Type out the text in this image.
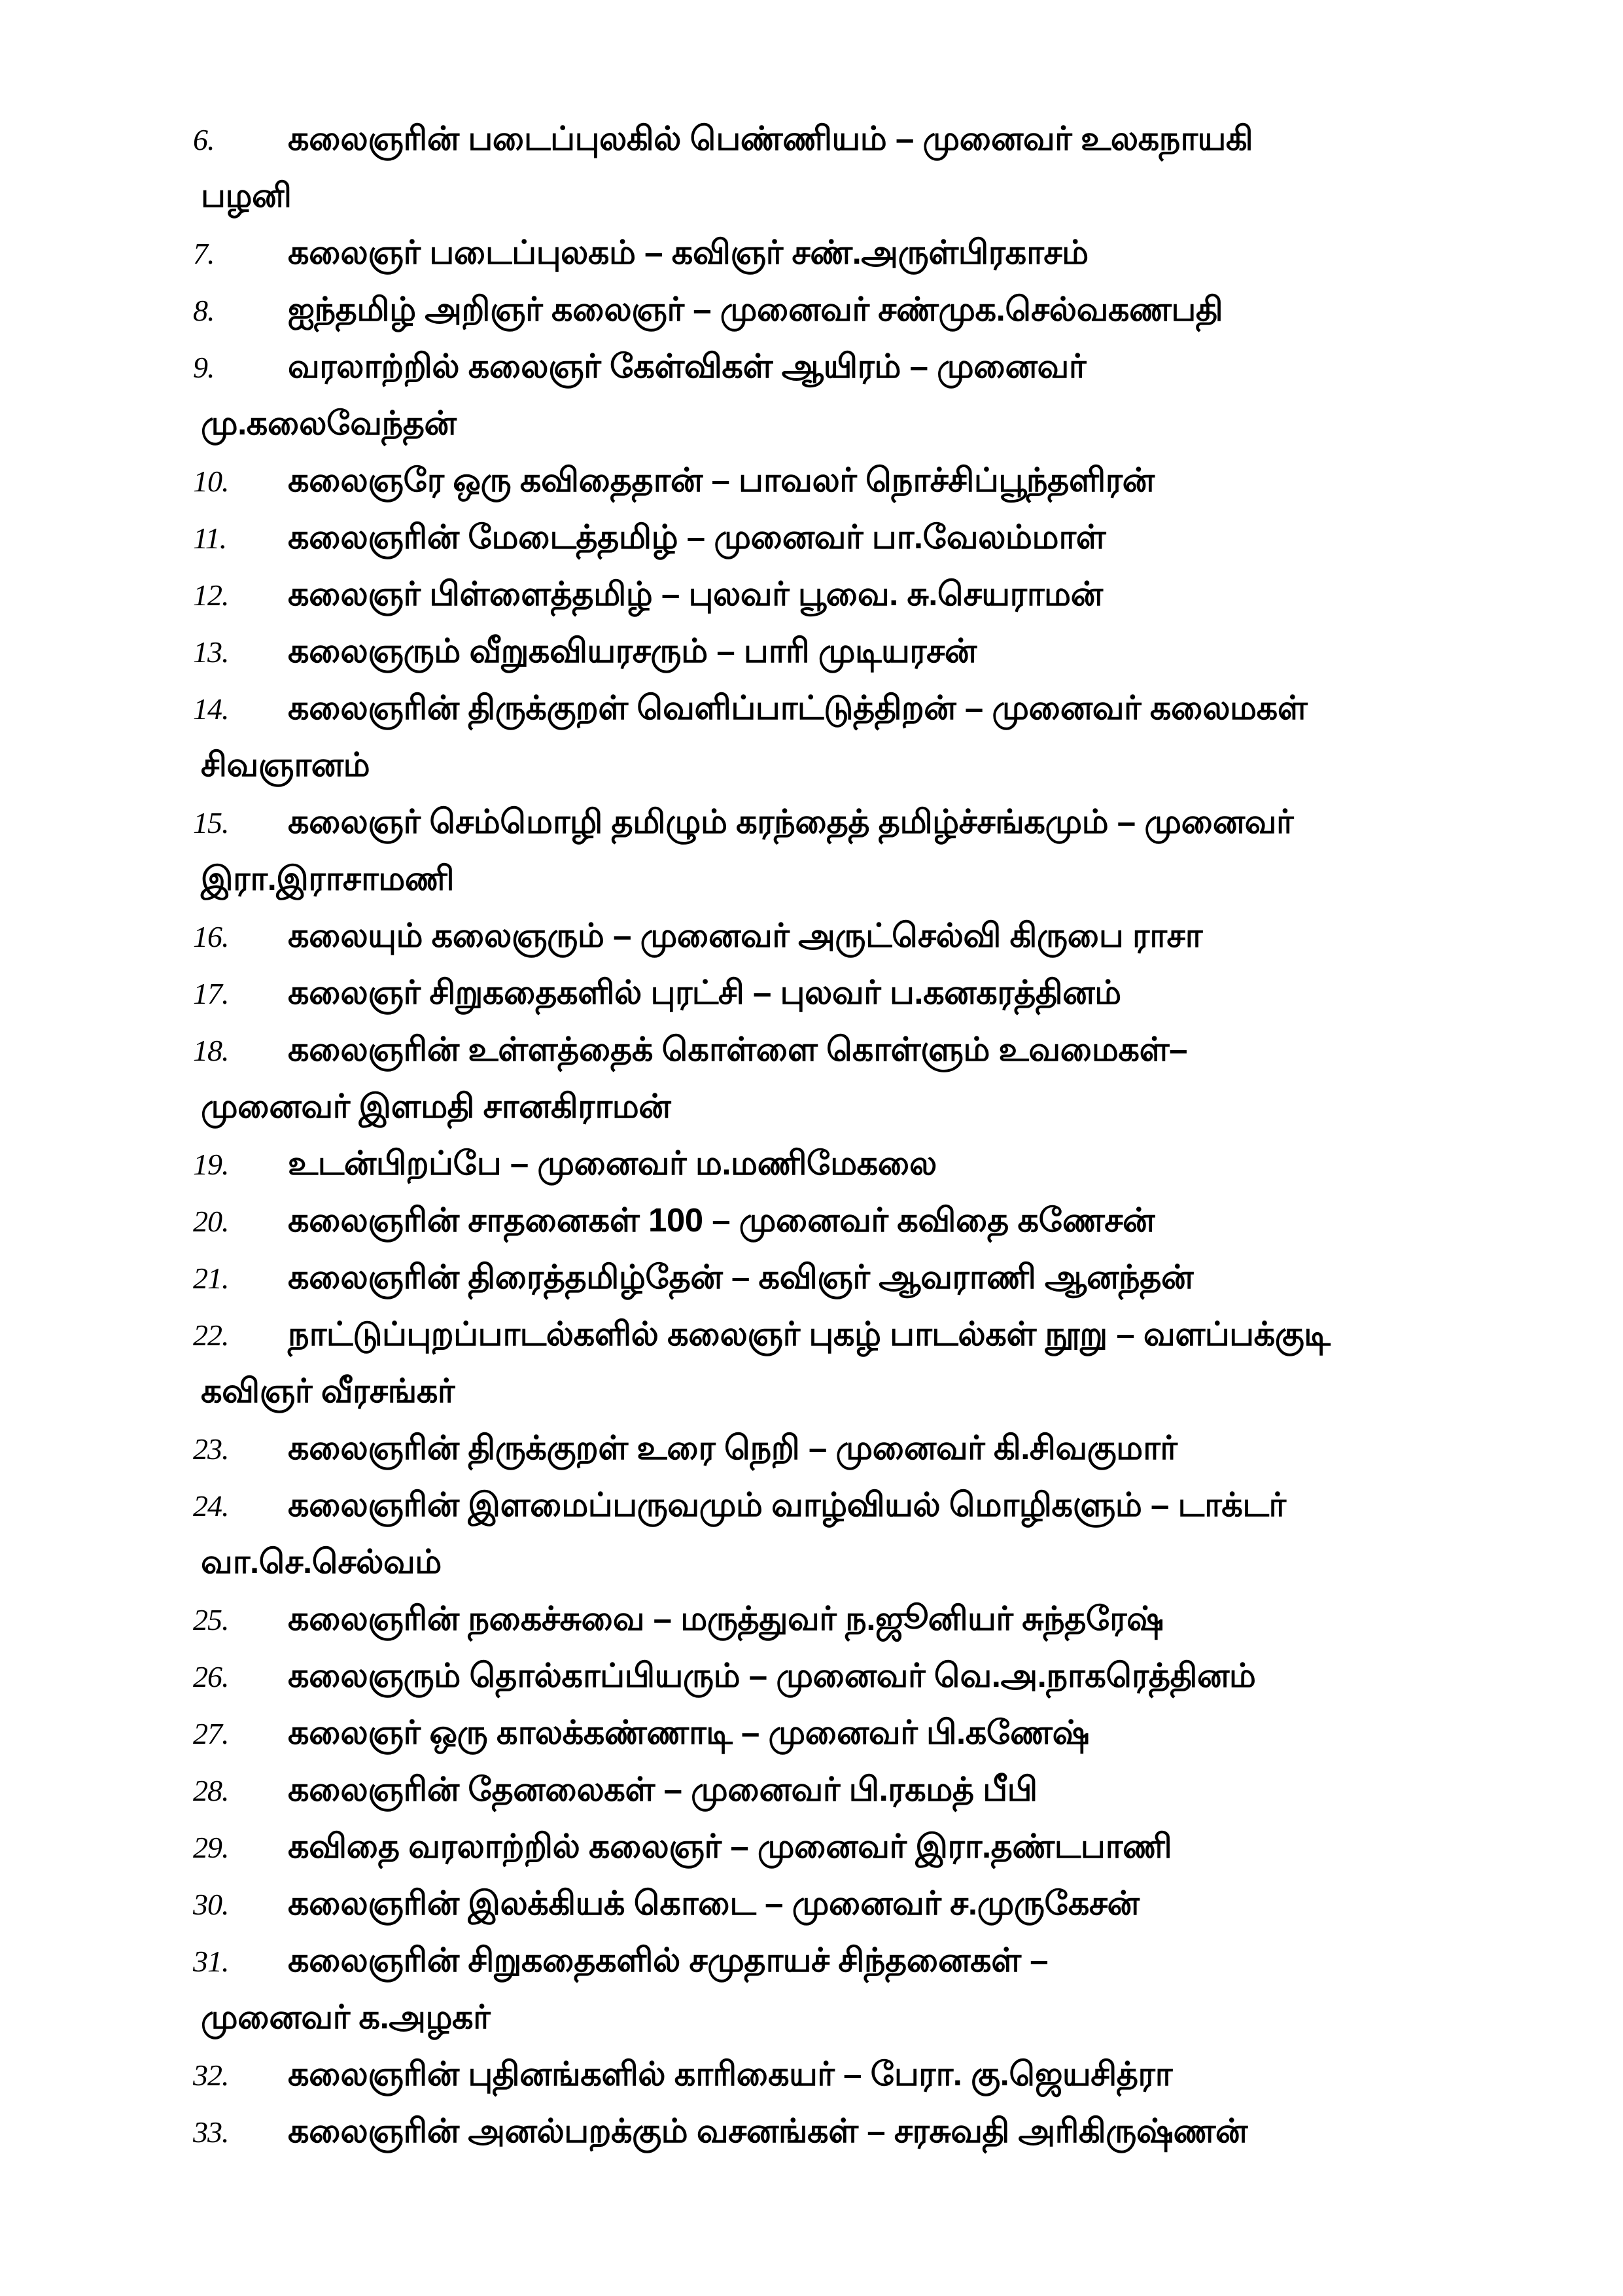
6.	கலைஞரின் படைப்புலகில் பெண்ணியம் – முனைவர் உலகநாயகி
பழனி
7.	கலைஞர் படைப்புலகம் – கவிஞர் சண்.அருள்பிரகாசம்
8.	ஐந்தமிழ் அறிஞர் கலைஞர் – முனைவர் சண்முக.செல்வகணபதி
9.	வரலாற்றில் கலைஞர் கேள்விகள் ஆயிரம் – முனைவர்
மு.கலைவேந்தன்
10.	கலைஞரே ஒரு கவிதைதான் – பாவலர் நொச்சிப்பூந்தளிரன்
11.	கலைஞரின் மேடைத்தமிழ் – முனைவர் பா.வேலம்மாள்
12.	கலைஞர் பிள்ளைத்தமிழ் – புலவர் பூவை. சு.செயராமன்
13.	கலைஞரும் வீறுகவியரசரும் – பாரி முடியரசன்
14.	கலைஞரின் திருக்குறள் வெளிப்பாட்டுத்திறன் – முனைவர் கலைமகள்
சிவஞானம்
15.	கலைஞர் செம்மொழி தமிழும் கரந்தைத் தமிழ்ச்சங்கமும் – முனைவர்
இரா.இராசாமணி
16.	கலையும் கலைஞரும் – முனைவர் அருட்செல்வி கிருபை ராசா
17.	கலைஞர் சிறுகதைகளில் புரட்சி – புலவர் ப.கனகரத்தினம்
18.	கலைஞரின் உள்ளத்தைக் கொள்ளை கொள்ளும் உவமைகள்–
முனைவர் இளமதி சானகிராமன்
19.	உடன்பிறப்பே – முனைவர் ம.மணிமேகலை
20.	கலைஞரின் சாதனைகள் 100 – முனைவர் கவிதை கணேசன்
21.	கலைஞரின் திரைத்தமிழ்தேன் – கவிஞர் ஆவராணி ஆனந்தன்
22.	நாட்டுப்புறப்பாடல்களில் கலைஞர் புகழ் பாடல்கள் நூறு – வளப்பக்குடி
கவிஞர் வீரசங்கர்
23.	கலைஞரின் திருக்குறள் உரை நெறி – முனைவர் கி.சிவகுமார்
24.	கலைஞரின் இளமைப்பருவமும் வாழ்வியல் மொழிகளும் – டாக்டர்
வா.செ.செல்வம்
25.	கலைஞரின் நகைச்சுவை – மருத்துவர் ந.ஜூனியர் சுந்தரேஷ்
26.	கலைஞரும் தொல்காப்பியரும் – முனைவர் வெ.அ.நாகரெத்தினம்
27.	கலைஞர் ஒரு காலக்கண்ணாடி – முனைவர் பி.கணேஷ்
28.	கலைஞரின் தேனலைகள் – முனைவர் பி.ரகமத் பீபி
29.	கவிதை வரலாற்றில் கலைஞர் – முனைவர் இரா.தண்டபாணி
30.	கலைஞரின் இலக்கியக் கொடை – முனைவர் ச.முருகேசன்
31.	கலைஞரின் சிறுகதைகளில் சமுதாயச் சிந்தனைகள் –
முனைவர் க.அழகர்
32.	கலைஞரின் புதினங்களில் காரிகையர் – பேரா. கு.ஜெயசித்ரா
33.	கலைஞரின் அனல்பறக்கும் வசனங்கள் – சரசுவதி அரிகிருஷ்ணன்
